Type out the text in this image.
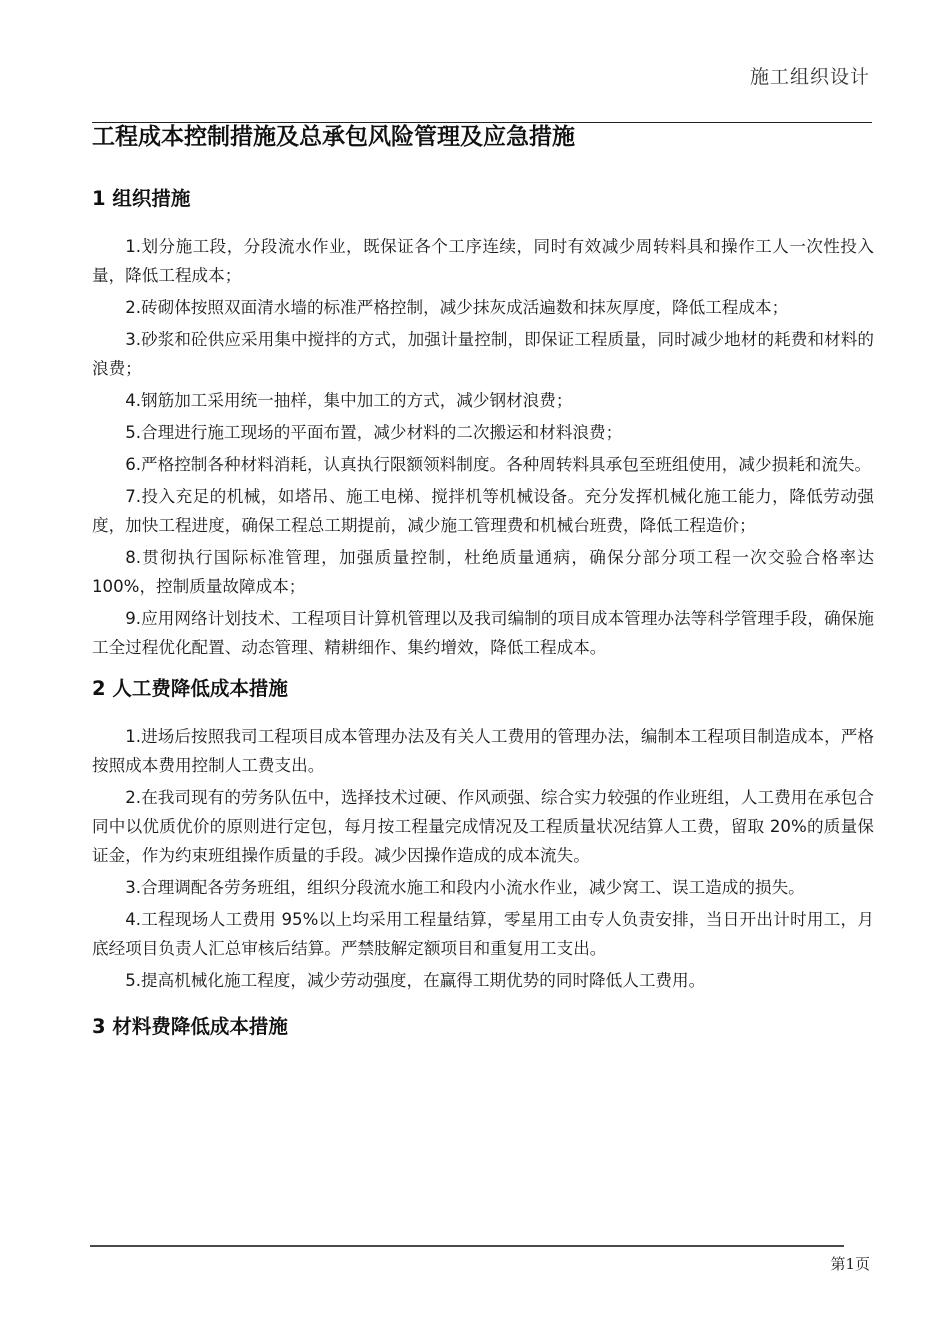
施工组织设计
工程成本控制措施及总承包风险管理及应急措施
1 组织措施

1.划分施工段，分段流水作业，既保证各个工序连续，同时有效减少周转料具和操作工人一次性投入量，降低工程成本；

2.砖砌体按照双面清水墙的标准严格控制，减少抹灰成活遍数和抹灰厚度，降低工程成本；

3.砂浆和砼供应采用集中搅拌的方式，加强计量控制，即保证工程质量，同时减少地材的耗费和材料的浪费；

4.钢筋加工采用统一抽样，集中加工的方式，减少钢材浪费；

5.合理进行施工现场的平面布置，减少材料的二次搬运和材料浪费；

6.严格控制各种材料消耗，认真执行限额领料制度。各种周转料具承包至班组使用，减少损耗和流失。

7.投入充足的机械，如塔吊、施工电梯、搅拌机等机械设备。充分发挥机械化施工能力，降低劳动强度，加快工程进度，确保工程总工期提前，减少施工管理费和机械台班费，降低工程造价；

8.贯彻执行国际标准管理，加强质量控制，杜绝质量通病，确保分部分项工程一次交验合格率达 100%，控制质量故障成本；

9.应用网络计划技术、工程项目计算机管理以及我司编制的项目成本管理办法等科学管理手段，确保施工全过程优化配置、动态管理、精耕细作、集约增效，降低工程成本。

2 人工费降低成本措施

1.进场后按照我司工程项目成本管理办法及有关人工费用的管理办法，编制本工程项目制造成本，严格按照成本费用控制人工费支出。

2.在我司现有的劳务队伍中，选择技术过硬、作风顽强、综合实力较强的作业班组，人工费用在承包合同中以优质优价的原则进行定包，每月按工程量完成情况及工程质量状况结算人工费，留取 20%的质量保证金，作为约束班组操作质量的手段。减少因操作造成的成本流失。

3.合理调配各劳务班组，组织分段流水施工和段内小流水作业，减少窝工、误工造成的损失。

4.工程现场人工费用 95%以上均采用工程量结算，零星用工由专人负责安排，当日开出计时用工，月底经项目负责人汇总审核后结算。严禁肢解定额项目和重复用工支出。

5.提高机械化施工程度，减少劳动强度，在赢得工期优势的同时降低人工费用。

3 材料费降低成本措施
第1页
